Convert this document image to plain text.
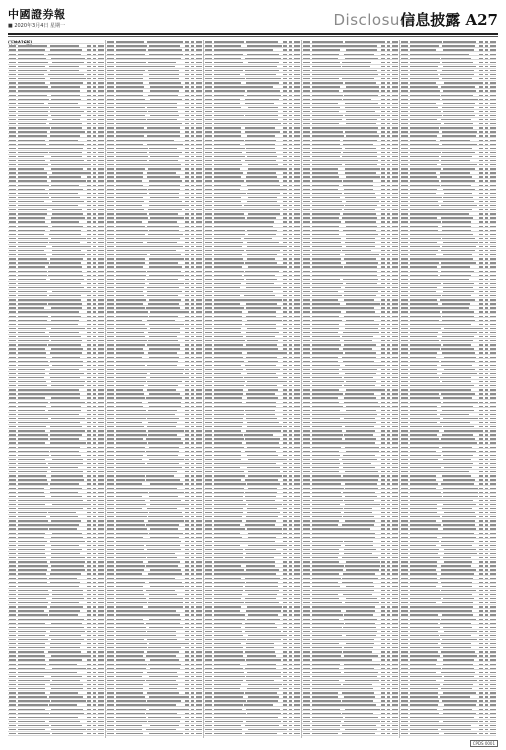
中國證券報
■ 2020年3月4日 星期一	Disclosure
信息披露 A27
(下转A26版)
CPDS 0001
